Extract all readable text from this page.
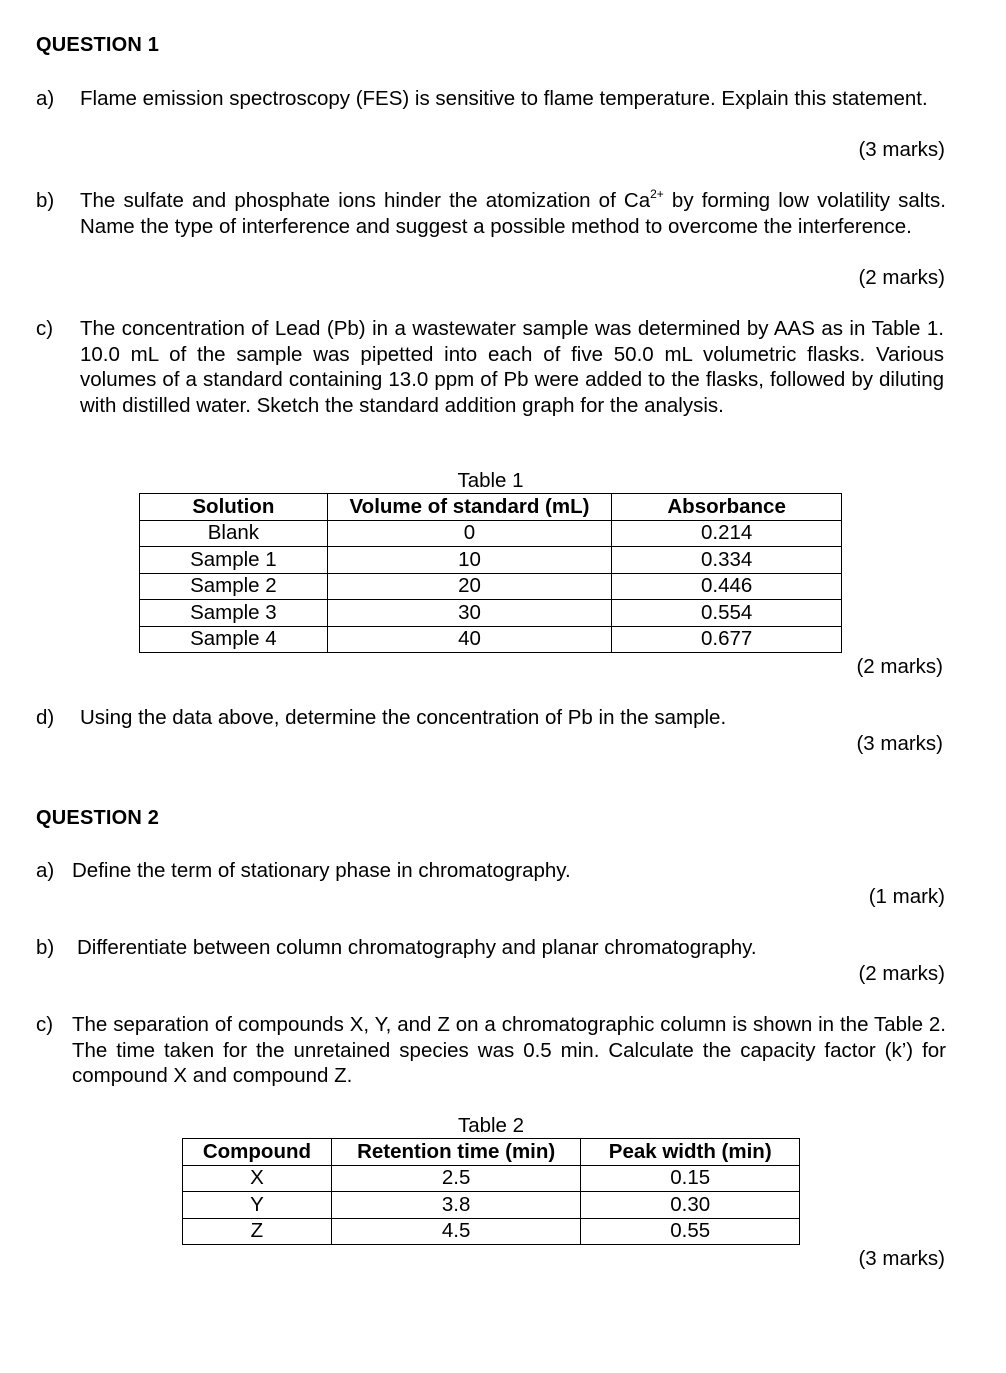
QUESTION 1
a) Flame emission spectroscopy (FES) is sensitive to flame temperature. Explain this statement.
(3 marks)
b) The sulfate and phosphate ions hinder the atomization of $Ca^{2+}$ by forming low volatility salts. Name the type of interference and suggest a possible method to overcome the interference.
(2 marks)
c) The concentration of Lead (Pb) in a wastewater sample was determined by AAS as in Table 1. 10.0 mL of the sample was pipetted into each of five 50.0 mL volumetric flasks. Various volumes of a standard containing 13.0 ppm of Pb were added to the flasks, followed by diluting with distilled water. Sketch the standard addition graph for the analysis.
Table 1
Solution	Volume of standard (mL)	Absorbance
Blank	0	0.214
Sample 1	10	0.334
Sample 2	20	0.446
Sample 3	30	0.554
Sample 4	40	0.677
(2 marks)
d) Using the data above, determine the concentration of Pb in the sample.
(3 marks)
QUESTION 2
a) Define the term of stationary phase in chromatography.
(1 mark)
b) Differentiate between column chromatography and planar chromatography.
(2 marks)
c) The separation of compounds X, Y, and Z on a chromatographic column is shown in the Table 2. The time taken for the unretained species was 0.5 min. Calculate the capacity factor (k’) for compound X and compound Z.
Table 2
Compound	Retention time (min)	Peak width (min)
X	2.5	0.15
Y	3.8	0.30
Z	4.5	0.55
(3 marks)
